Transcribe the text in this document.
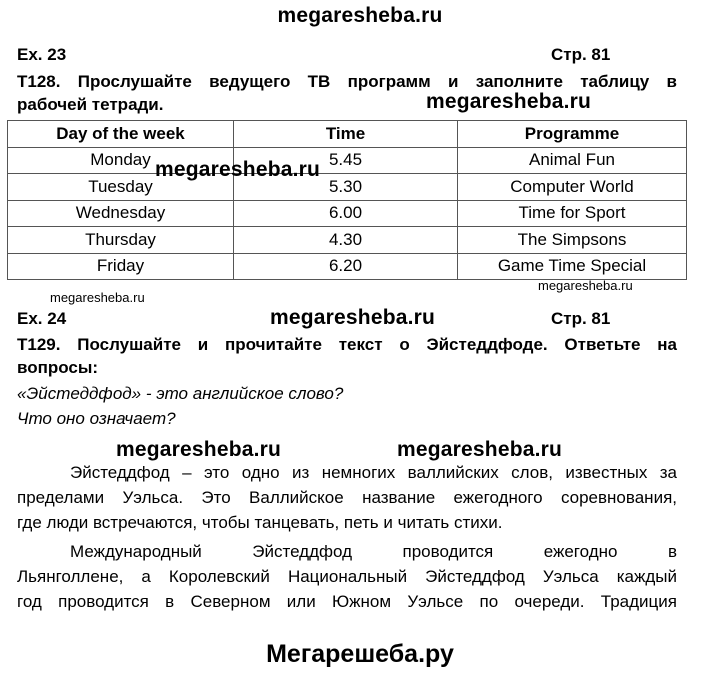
megaresheba.ru
Ex. 23	Стр. 81
T128. Прослушайте ведущего ТВ программ и заполните таблицу в
рабочей тетради.	megaresheba.ru
Day of the week	Time	Programme
Monday	5.45	Animal Fun
Tuesday	5.30	Computer World
Wednesday	6.00	Time for Sport
Thursday	4.30	The Simpsons
Friday	6.20	Game Time Special
megaresheba.ru
megaresheba.ru
megaresheba.ru
Ex. 24	megaresheba.ru	Стр. 81
T129. Послушайте и прочитайте текст о Эйстеддфоде. Ответьте на
вопросы:
«Эйстеддфод» - это английское слово?
Что оно означает?
megaresheba.ru	megaresheba.ru
Эйстеддфод – это одно из немногих валлийских слов, известных за
пределами Уэльса. Это Валлийское название ежегодного соревнования,
где люди встречаются, чтобы танцевать, петь и читать стихи.
Международный Эйстеддфод проводится ежегодно в
Льянголлене, а Королевский Национальный Эйстеддфод Уэльса каждый
год проводится в Северном или Южном Уэльсе по очереди. Традиция
Мегарешеба.ру
